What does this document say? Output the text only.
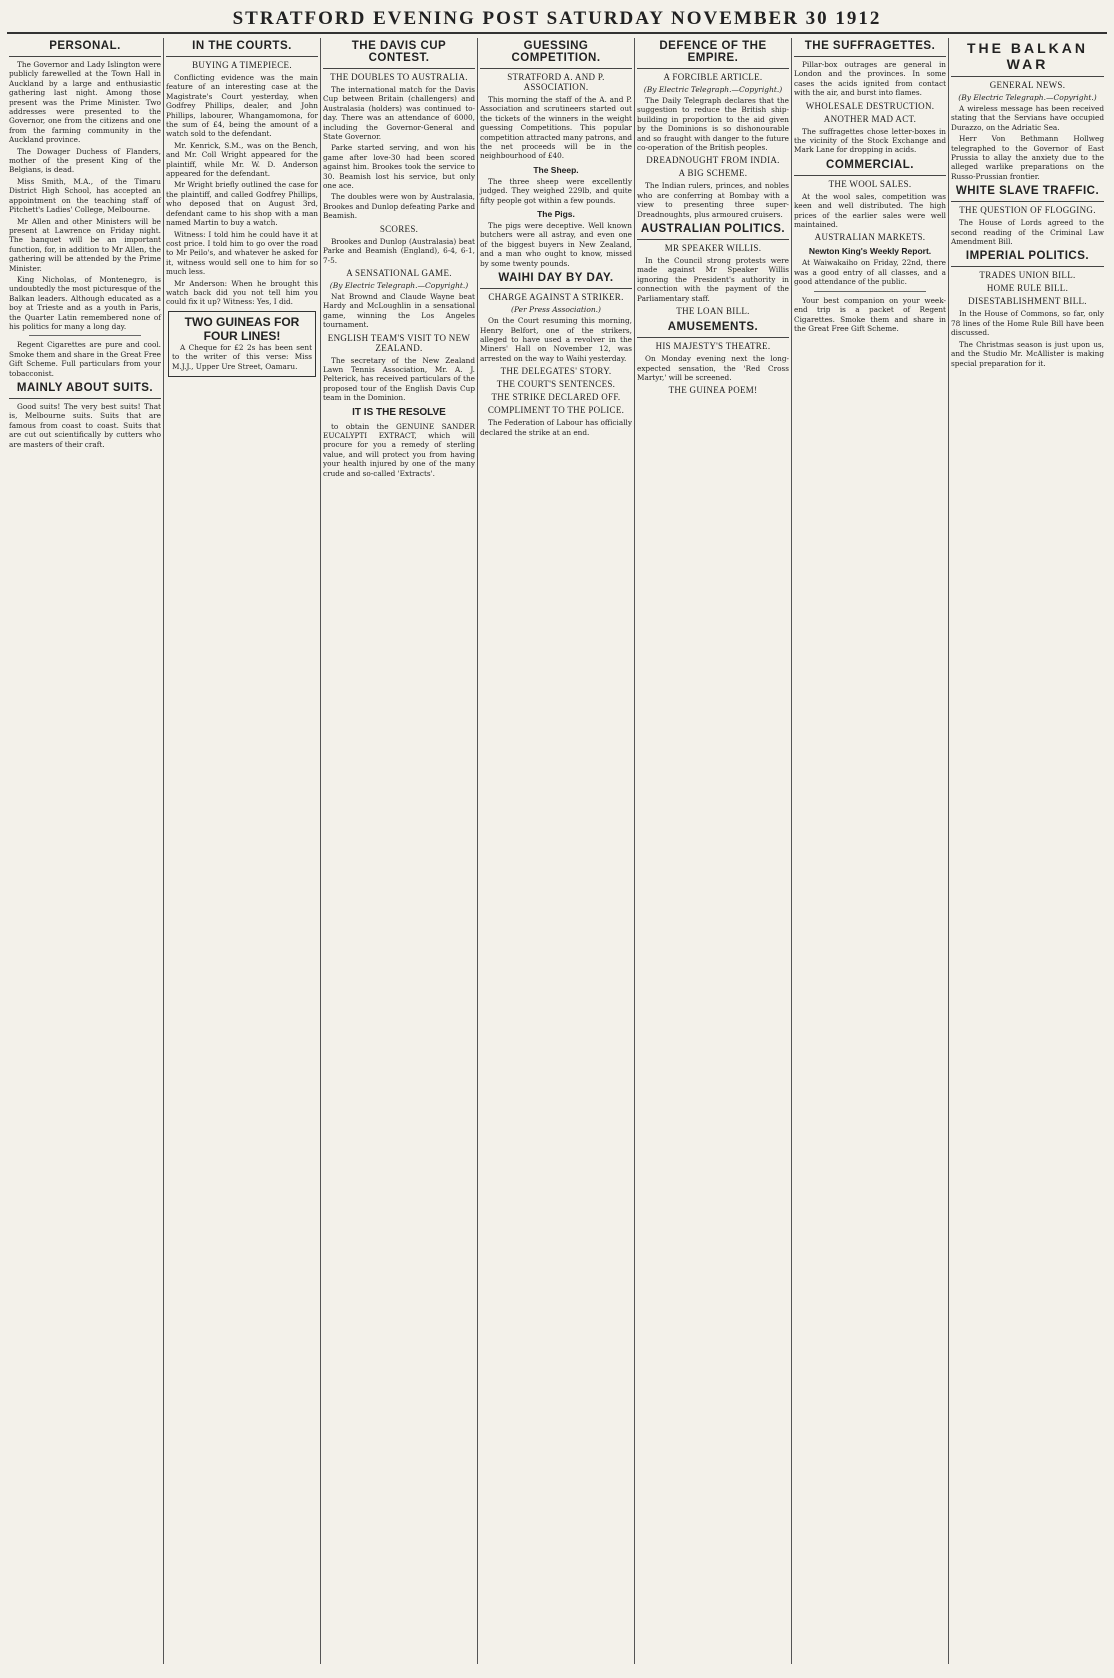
STRATFORD EVENING POST SATURDAY NOVEMBER 30 1912
PERSONAL.

The Governor and Lady Islington were publicly farewelled at the Town Hall in Auckland by a large and enthusiastic gathering last night. Among those present was the Prime Minister. Two addresses were presented to the Governor, one from the citizens and one from the farming community in the Auckland province.

The Dowager Duchess of Flanders, mother of the present King of the Belgians, is dead.

Miss Smith, M.A., of the Timaru District High School, has accepted an appointment on the teaching staff of Pitchett's Ladies' College, Melbourne.

Mr Allen and other Ministers will be present at Lawrence on Friday night. The banquet will be an important function, for, in addition to Mr Allen, the gathering will be attended by the Prime Minister.

King Nicholas, of Montenegro, is undoubtedly the most picturesque of the Balkan leaders. Although educated as a boy at Trieste and as a youth in Paris, the Quarter Latin remembered none of his politics for many a long day.

Regent Cigarettes are pure and cool. Smoke them and share in the Great Free Gift Scheme. Full particulars from your tobacconist.

MAINLY ABOUT SUITS.

Good suits! The very best suits! That is, Melbourne suits. Suits that are famous from coast to coast. Suits that are cut out scientifically by cutters who are masters of their craft.

IN THE COURTS.
BUYING A TIMEPIECE.

Conflicting evidence was the main feature of an interesting case at the Magistrate's Court yesterday, when Godfrey Phillips, dealer, and John Phillips, labourer, Whangamomona, for the sum of £4, being the amount of a watch sold to the defendant.

Mr. Kenrick, S.M., was on the Bench, and Mr. Coll Wright appeared for the plaintiff, while Mr. W. D. Anderson appeared for the defendant.

Mr Wright briefly outlined the case for the plaintiff, and called Godfrey Phillips, who deposed that on August 3rd, defendant came to his shop with a man named Martin to buy a watch.

Witness: I told him he could have it at cost price. I told him to go over the road to Mr Peilo's, and whatever he asked for it, witness would sell one to him for so much less.

Mr Anderson: When he brought this watch back did you not tell him you could fix it up? Witness: Yes, I did.

TWO GUINEAS FOR FOUR LINES!

A Cheque for £2 2s has been sent to the writer of this verse: Miss M.J.J., Upper Ure Street, Oamaru.

THE DAVIS CUP CONTEST.
THE DOUBLES TO AUSTRALIA.

The international match for the Davis Cup between Britain (challengers) and Australasia (holders) was continued to-day. There was an attendance of 6000, including the Governor-General and State Governor.

Parke started serving, and won his game after love-30 had been scored against him. Brookes took the service to 30. Beamish lost his service, but only one ace.

The doubles were won by Australasia, Brookes and Dunlop defeating Parke and Beamish.

SCORES.

Brookes and Dunlop (Australasia) beat Parke and Beamish (England), 6-4, 6-1, 7-5.

A SENSATIONAL GAME.
(By Electric Telegraph.—Copyright.)

Nat Brownd and Claude Wayne beat Hardy and McLoughlin in a sensational game, winning the Los Angeles tournament.

ENGLISH TEAM'S VISIT TO NEW ZEALAND.

The secretary of the New Zealand Lawn Tennis Association, Mr. A. J. Pelterick, has received particulars of the proposed tour of the English Davis Cup team in the Dominion.

IT IS THE RESOLVE

to obtain the GENUINE SANDER EUCALYPTI EXTRACT, which will procure for you a remedy of sterling value, and will protect you from having your health injured by one of the many crude and so-called 'Extracts'.

GUESSING COMPETITION.
STRATFORD A. AND P. ASSOCIATION.

This morning the staff of the A. and P. Association and scrutineers started out the tickets of the winners in the weight guessing Competitions. This popular competition attracted many patrons, and the net proceeds will be in the neighbourhood of £40.

The Sheep.

The three sheep were excellently judged. They weighed 229lb, and quite fifty people got within a few pounds.

The Pigs.

The pigs were deceptive. Well known butchers were all astray, and even one of the biggest buyers in New Zealand, and a man who ought to know, missed by some twenty pounds.

WAIHI DAY BY DAY.
CHARGE AGAINST A STRIKER.
(Per Press Association.)

On the Court resuming this morning, Henry Belfort, one of the strikers, alleged to have used a revolver in the Miners' Hall on November 12, was arrested on the way to Waihi yesterday.

THE DELEGATES' STORY.
THE COURT'S SENTENCES.
THE STRIKE DECLARED OFF.
COMPLIMENT TO THE POLICE.

The Federation of Labour has officially declared the strike at an end.

DEFENCE OF THE EMPIRE.
A FORCIBLE ARTICLE.
(By Electric Telegraph.—Copyright.)

The Daily Telegraph declares that the suggestion to reduce the British ship-building in proportion to the aid given by the Dominions is so dishonourable and so fraught with danger to the future co-operation of the British peoples.

DREADNOUGHT FROM INDIA.
A BIG SCHEME.

The Indian rulers, princes, and nobles who are conferring at Bombay with a view to presenting three super-Dreadnoughts, plus armoured cruisers.

AUSTRALIAN POLITICS.
MR SPEAKER WILLIS.

In the Council strong protests were made against Mr Speaker Willis ignoring the President's authority in connection with the payment of the Parliamentary staff.

THE LOAN BILL.
AMUSEMENTS.
HIS MAJESTY'S THEATRE.

On Monday evening next the long-expected sensation, the 'Red Cross Martyr,' will be screened.

THE GUINEA POEM!
THE SUFFRAGETTES.

Pillar-box outrages are general in London and the provinces. In some cases the acids ignited from contact with the air, and burst into flames.

WHOLESALE DESTRUCTION.
ANOTHER MAD ACT.

The suffragettes chose letter-boxes in the vicinity of the Stock Exchange and Mark Lane for dropping in acids.

COMMERCIAL.
THE WOOL SALES.

At the wool sales, competition was keen and well distributed. The high prices of the earlier sales were well maintained.

AUSTRALIAN MARKETS.
Newton King's Weekly Report.

At Waiwakaiho on Friday, 22nd, there was a good entry of all classes, and a good attendance of the public.

Your best companion on your week-end trip is a packet of Regent Cigarettes. Smoke them and share in the Great Free Gift Scheme.

THE BALKAN WAR
GENERAL NEWS.
(By Electric Telegraph.—Copyright.)

A wireless message has been received stating that the Servians have occupied Durazzo, on the Adriatic Sea.

Herr Von Bethmann Hollweg telegraphed to the Governor of East Prussia to allay the anxiety due to the alleged warlike preparations on the Russo-Prussian frontier.

WHITE SLAVE TRAFFIC.
THE QUESTION OF FLOGGING.

The House of Lords agreed to the second reading of the Criminal Law Amendment Bill.

IMPERIAL POLITICS.
TRADES UNION BILL.
HOME RULE BILL.
DISESTABLISHMENT BILL.

In the House of Commons, so far, only 78 lines of the Home Rule Bill have been discussed.

The Christmas season is just upon us, and the Studio Mr. McAllister is making special preparation for it.
